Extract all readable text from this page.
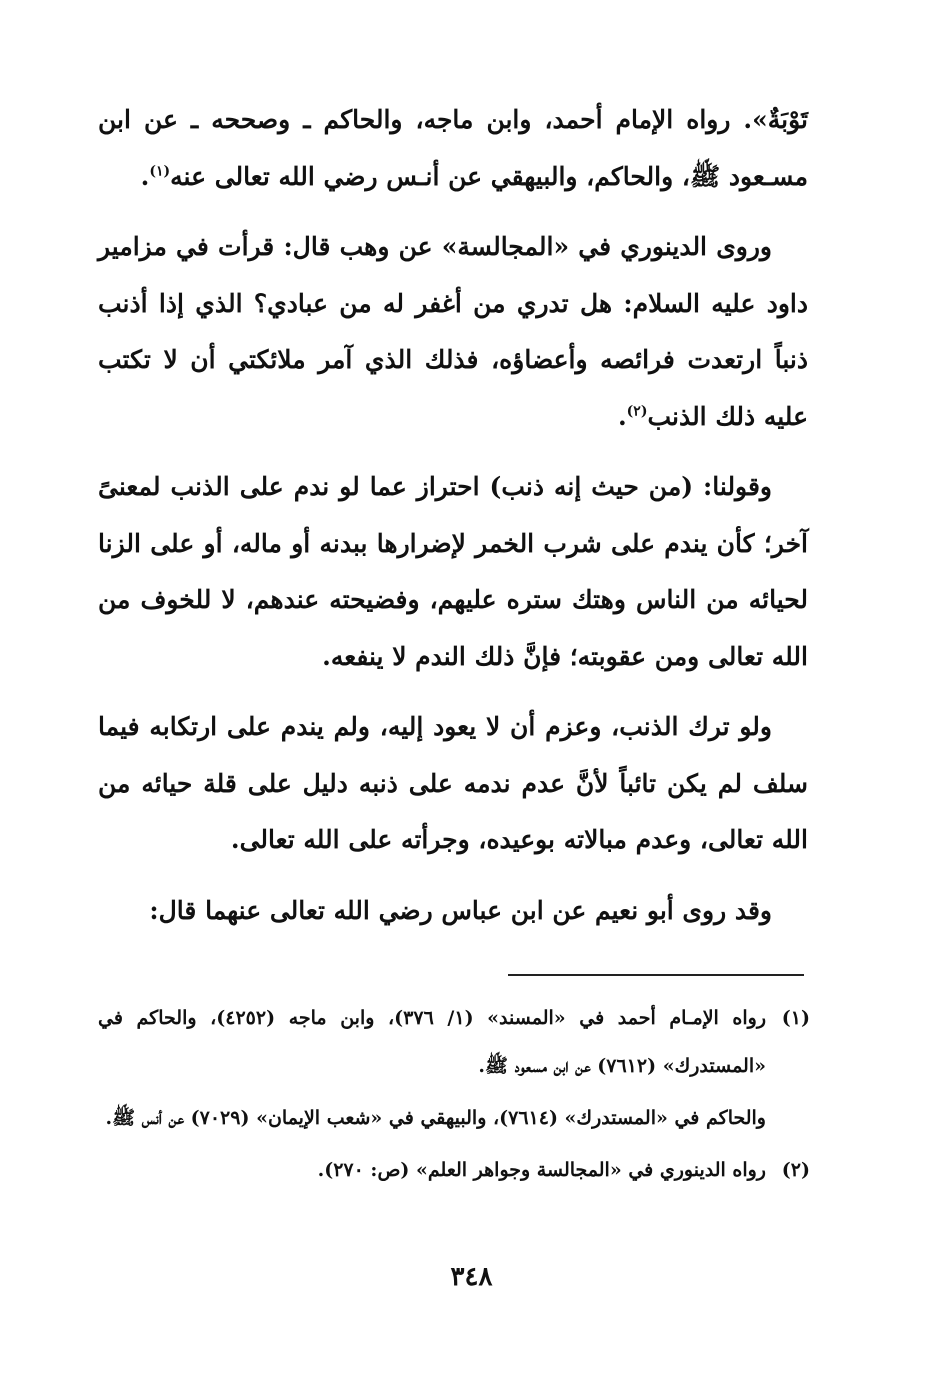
تَوْبَةٌ». رواه الإمام أحمد، وابن ماجه، والحاكم ـ وصححه ـ عن ابن مسـعود ﷺ، والحاكم، والبيهقي عن أنـس رضي الله تعالى عنه$^{(١)}$.

وروى الدينوري في «المجالسة» عن وهب قال: قرأت في مزامير داود عليه السلام: هل تدري من أغفر له من عبادي؟ الذي إذا أذنب ذنباً ارتعدت فرائصه وأعضاؤه، فذلك الذي آمر ملائكتي أن لا تكتب عليه ذلك الذنب$^{(٢)}$.

وقولنا: (من حيث إنه ذنب) احتراز عما لو ندم على الذنب لمعنىً آخر؛ كأن يندم على شرب الخمر لإضرارها ببدنه أو ماله، أو على الزنا لحيائه من الناس وهتك ستره عليهم، وفضيحته عندهم، لا للخوف من الله تعالى ومن عقوبته؛ فإنَّ ذلك الندم لا ينفعه.

ولو ترك الذنب، وعزم أن لا يعود إليه، ولم يندم على ارتكابه فيما سلف لم يكن تائباً لأنَّ عدم ندمه على ذنبه دليل على قلة حيائه من الله تعالى، وعدم مبالاته بوعيده، وجرأته على الله تعالى.

وقد روى أبو نعيم عن ابن عباس رضي الله تعالى عنهما قال:

(١)
رواه الإمـام أحمد في «المسند» (١/ ٣٧٦)، وابن ماجه (٤٢٥٢)، والحاكم في «المستدرك» (٧٦١٢) عن ابن مسعود ﷺ.
والحاكم في «المستدرك» (٧٦١٤)، والبيهقي في «شعب الإيمان» (٧٠٢٩) عن أنس ﷺ.
(٢)
رواه الدينوري في «المجالسة وجواهر العلم» (ص: ٢٧٠).
٣٤٨
